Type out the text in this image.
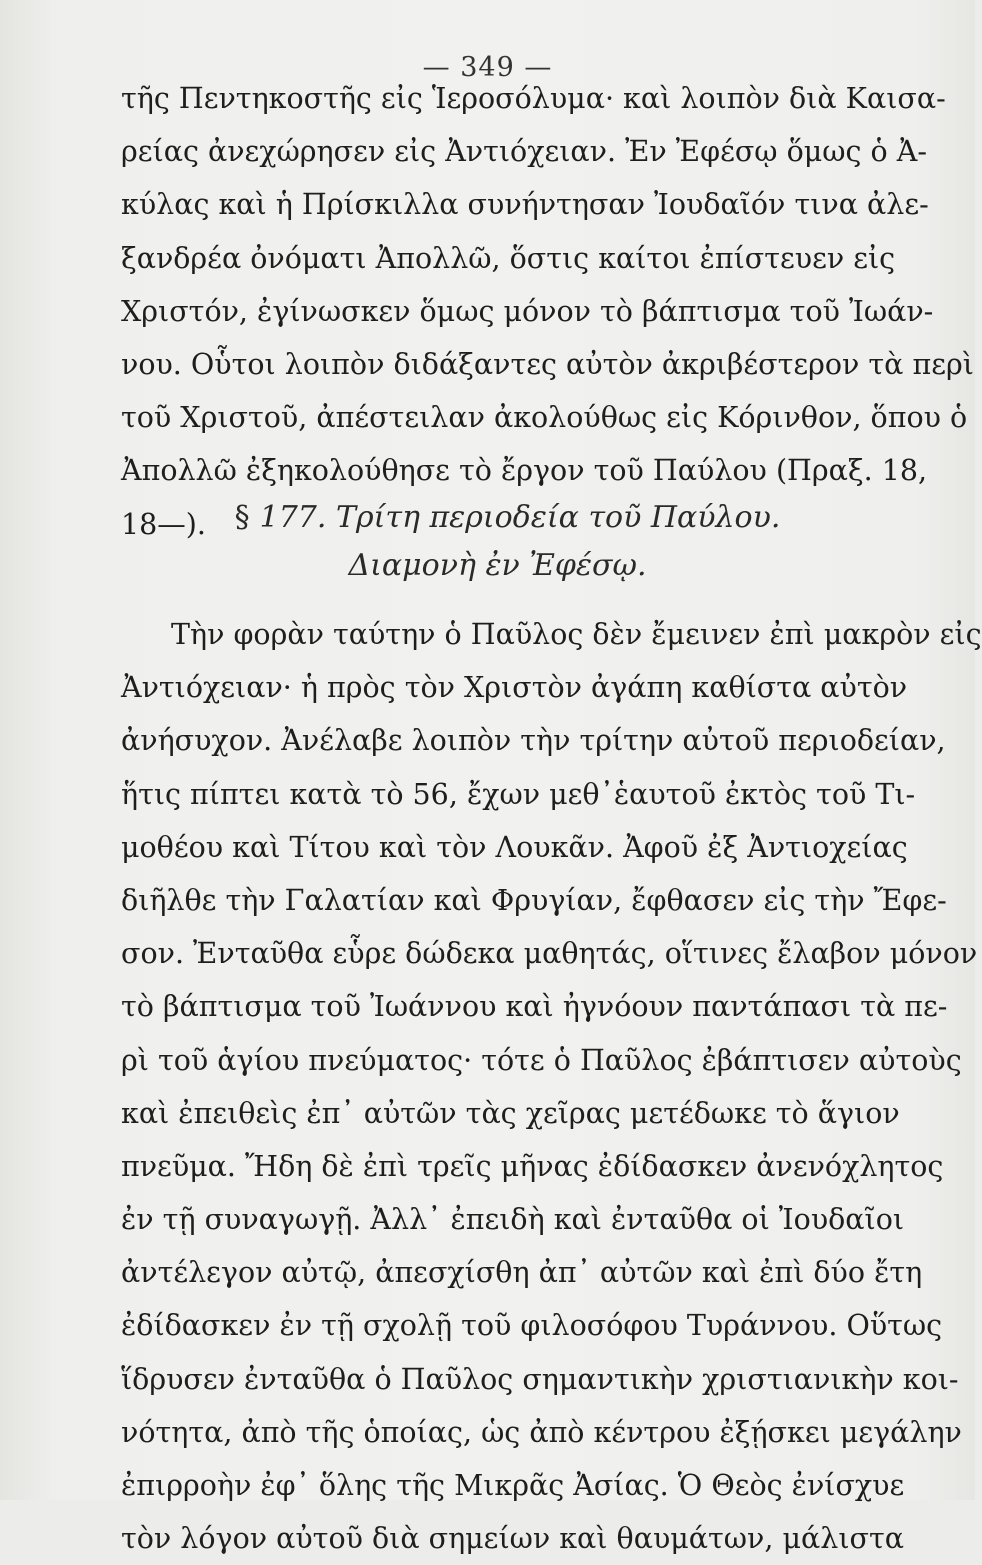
— 349 —
τῆς Πεντηκοστῆς εἰς Ἱεροσόλυμα· καὶ λοιπὸν διὰ Καισα-
ρείας ἀνεχώρησεν εἰς Ἀντιόχειαν. Ἐν Ἐφέσῳ ὅμως ὁ Ἀ-
κύλας καὶ ἡ Πρίσκιλλα συνήντησαν Ἰουδαῖόν τινα ἀλε-
ξανδρέα ὀνόματι Ἀπολλῶ, ὅστις καίτοι ἐπίστευεν εἰς
Χριστόν, ἐγίνωσκεν ὅμως μόνον τὸ βάπτισμα τοῦ Ἰωάν-
νου. Οὗτοι λοιπὸν διδάξαντες αὐτὸν ἀκριβέστερον τὰ περὶ
τοῦ Χριστοῦ, ἀπέστειλαν ἀκολούθως εἰς Κόρινθον, ὅπου ὁ
Ἀπολλῶ ἐξηκολούθησε τὸ ἔργον τοῦ Παύλου (Πραξ. 18,
18—). § 177. Τρίτη περιοδεία τοῦ Παύλου.
Διαμονὴ ἐν Ἐφέσῳ.
Τὴν φορὰν ταύτην ὁ Παῦλος δὲν ἔμεινεν ἐπὶ μακρὸν εἰς
Ἀντιόχειαν· ἡ πρὸς τὸν Χριστὸν ἀγάπη καθίστα αὐτὸν
ἀνήσυχον. Ἀνέλαβε λοιπὸν τὴν τρίτην αὐτοῦ περιοδείαν,
ἥτις πίπτει κατὰ τὸ 56, ἔχων μεθ᾽ἑαυτοῦ ἐκτὸς τοῦ Τι-
μοθέου καὶ Τίτου καὶ τὸν Λουκᾶν. Ἀφοῦ ἐξ Ἀντιοχείας
διῆλθε τὴν Γαλατίαν καὶ Φρυγίαν, ἔφθασεν εἰς τὴν Ἔφε-
σον. Ἐνταῦθα εὗρε δώδεκα μαθητάς, οἵτινες ἔλαβον μόνον
τὸ βάπτισμα τοῦ Ἰωάννου καὶ ἠγνόουν παντάπασι τὰ πε-
ρὶ τοῦ ἁγίου πνεύματος· τότε ὁ Παῦλος ἐβάπτισεν αὐτοὺς
καὶ ἐπειθεὶς ἐπ᾽ αὐτῶν τὰς χεῖρας μετέδωκε τὸ ἅγιον
πνεῦμα. Ἤδη δὲ ἐπὶ τρεῖς μῆνας ἐδίδασκεν ἀνενόχλητος
ἐν τῇ συναγωγῇ. Ἀλλ᾽ ἐπειδὴ καὶ ἐνταῦθα οἱ Ἰουδαῖοι
ἀντέλεγον αὐτῷ, ἀπεσχίσθη ἀπ᾽ αὐτῶν καὶ ἐπὶ δύο ἔτη
ἐδίδασκεν ἐν τῇ σχολῇ τοῦ φιλοσόφου Τυράννου. Οὕτως
ἵδρυσεν ἐνταῦθα ὁ Παῦλος σημαντικὴν χριστιανικὴν κοι-
νότητα, ἀπὸ τῆς ὁποίας, ὡς ἀπὸ κέντρου ἐξῄσκει μεγάλην
ἐπιρροὴν ἐφ᾽ ὅλης τῆς Μικρᾶς Ἀσίας. Ὁ Θεὸς ἐνίσχυε
τὸν λόγον αὐτοῦ διὰ σημείων καὶ θαυμάτων, μάλιστα
